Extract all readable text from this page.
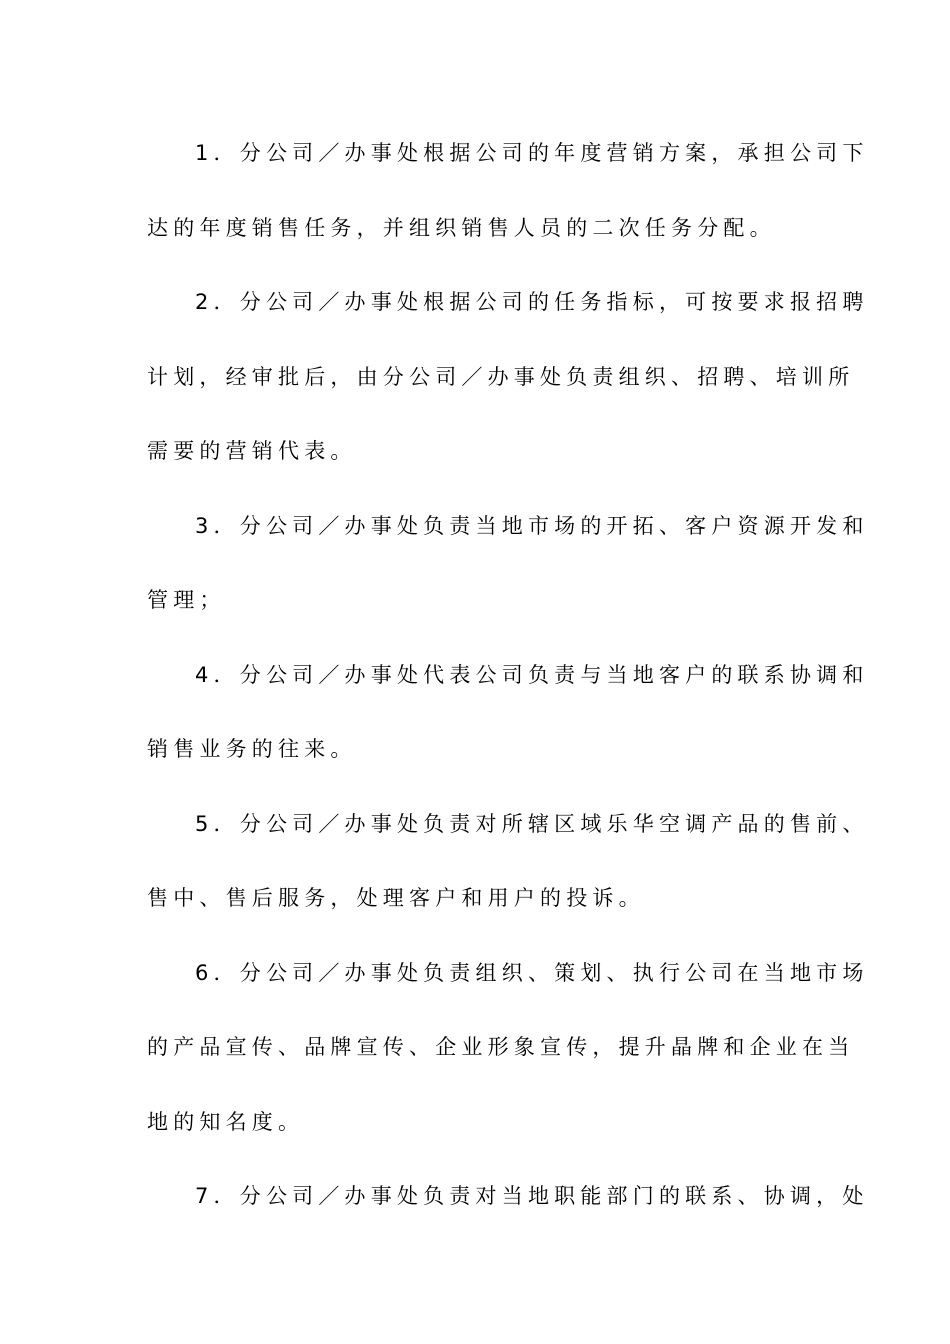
1．分公司／办事处根据公司的年度营销方案，承担公司下
达的年度销售任务，并组织销售人员的二次任务分配。
2．分公司／办事处根据公司的任务指标，可按要求报招聘
计划，经审批后，由分公司／办事处负责组织、招聘、培训所
需要的营销代表。
3．分公司／办事处负责当地市场的开拓、客户资源开发和
管理；
4．分公司／办事处代表公司负责与当地客户的联系协调和
销售业务的往来。
5．分公司／办事处负责对所辖区域乐华空调产品的售前、
售中、售后服务，处理客户和用户的投诉。
6．分公司／办事处负责组织、策划、执行公司在当地市场
的产品宣传、品牌宣传、企业形象宣传，提升晶牌和企业在当
地的知名度。
7．分公司／办事处负责对当地职能部门的联系、协调，处
